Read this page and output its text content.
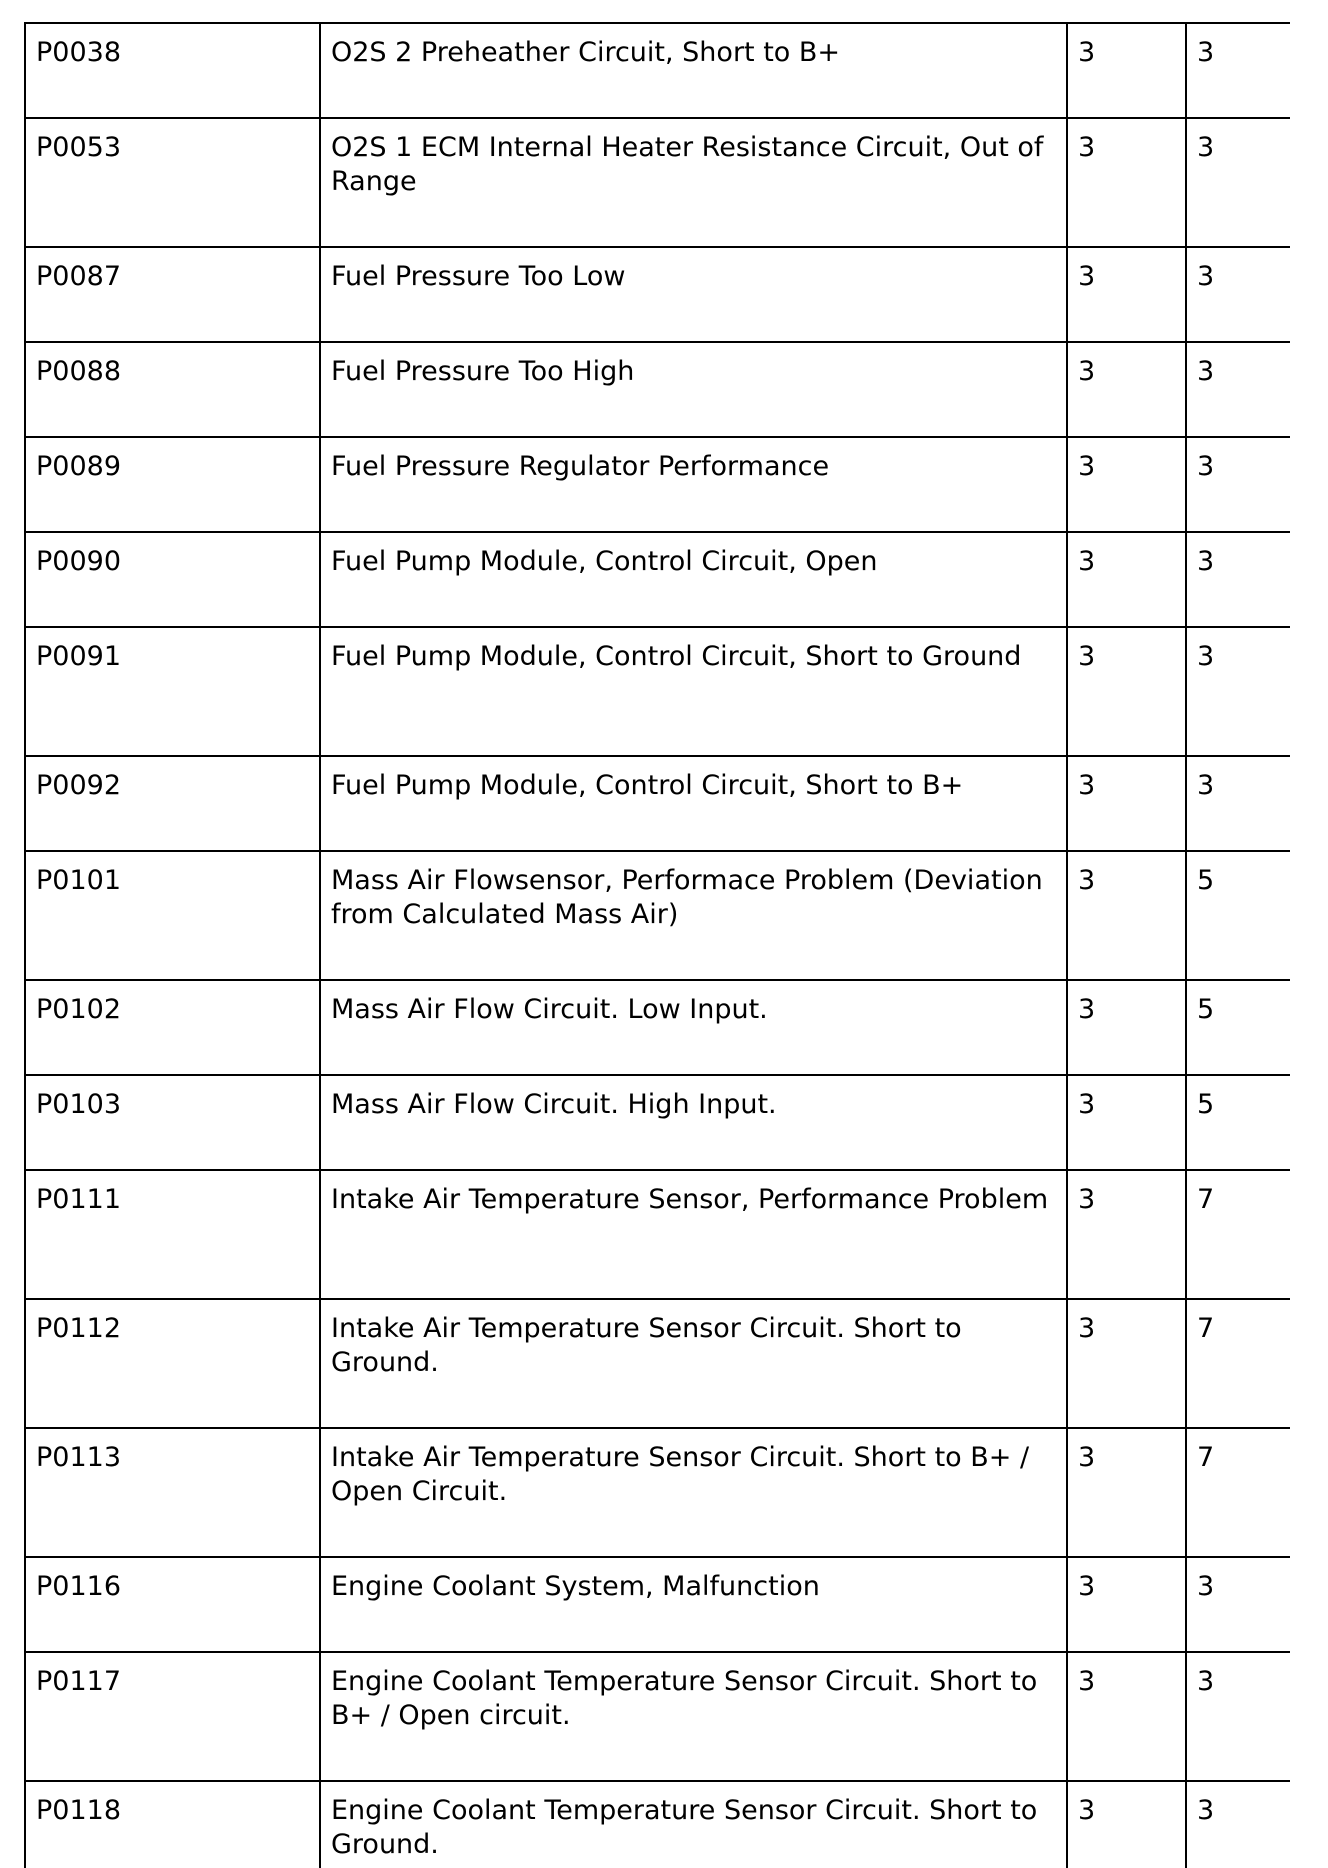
P0038	O2S 2 Preheather Circuit, Short to B+	3	3
P0053	O2S 1 ECM Internal Heater Resistance Circuit, Out of Range	3	3
P0087	Fuel Pressure Too Low	3	3
P0088	Fuel Pressure Too High	3	3
P0089	Fuel Pressure Regulator Performance	3	3
P0090	Fuel Pump Module, Control Circuit, Open	3	3
P0091	Fuel Pump Module, Control Circuit, Short to Ground	3	3
P0092	Fuel Pump Module, Control Circuit, Short to B+	3	3
P0101	Mass Air Flowsensor, Performace Problem (Deviation from Calculated Mass Air)	3	5
P0102	Mass Air Flow Circuit. Low Input.	3	5
P0103	Mass Air Flow Circuit. High Input.	3	5
P0111	Intake Air Temperature Sensor, Performance Problem	3	7
P0112	Intake Air Temperature Sensor Circuit. Short to Ground.	3	7
P0113	Intake Air Temperature Sensor Circuit. Short to B+ / Open Circuit.	3	7
P0116	Engine Coolant System, Malfunction	3	3
P0117	Engine Coolant Temperature Sensor Circuit. Short to B+ / Open circuit.	3	3
P0118	Engine Coolant Temperature Sensor Circuit. Short to Ground.	3	3
